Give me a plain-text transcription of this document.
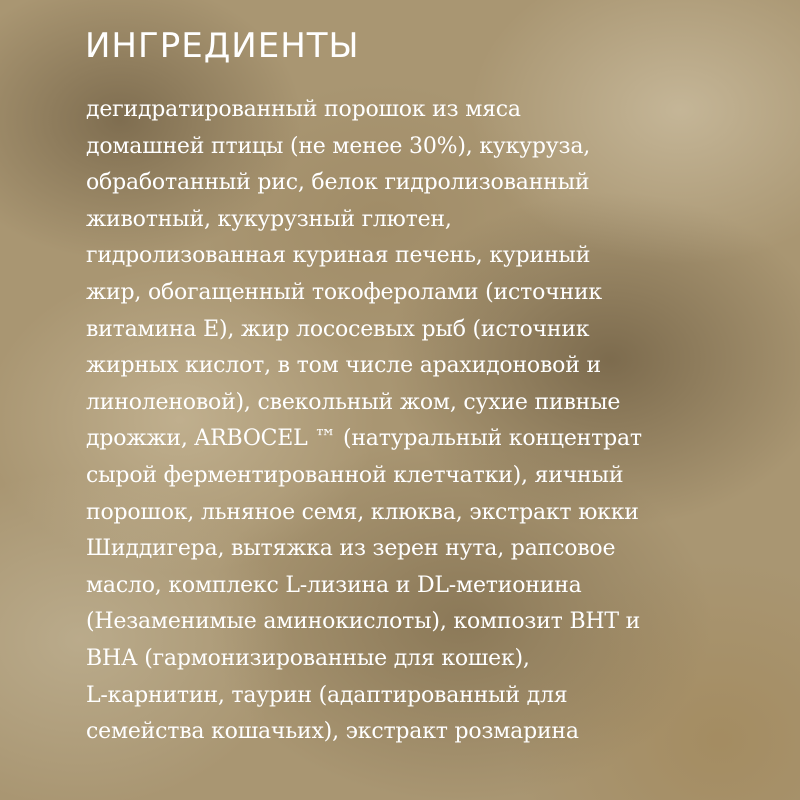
ИНГРЕДИЕНТЫ
дегидратированный порошок из мяса
домашней птицы (не менее 30%), кукуруза,
обработанный рис, белок гидролизованный
животный, кукурузный глютен,
гидролизованная куриная печень, куриный
жир, обогащенный токоферолами (источник
витамина Е), жир лососевых рыб (источник
жирных кислот, в том числе арахидоновой и
линоленовой), свекольный жом, сухие пивные
дрожжи, ARBOCEL ™ (натуральный концентрат
сырой ферментированной клетчатки), яичный
порошок, льняное семя, клюква, экстракт юкки
Шиддигера, вытяжка из зерен нута, рапсовое
масло, комплекс L-лизина и DL-метионина
(Незаменимые аминокислоты), композит ВНТ и
ВНА (гармонизированные для кошек),
L-карнитин, таурин (адаптированный для
семейства кошачьих), экстракт розмарина
